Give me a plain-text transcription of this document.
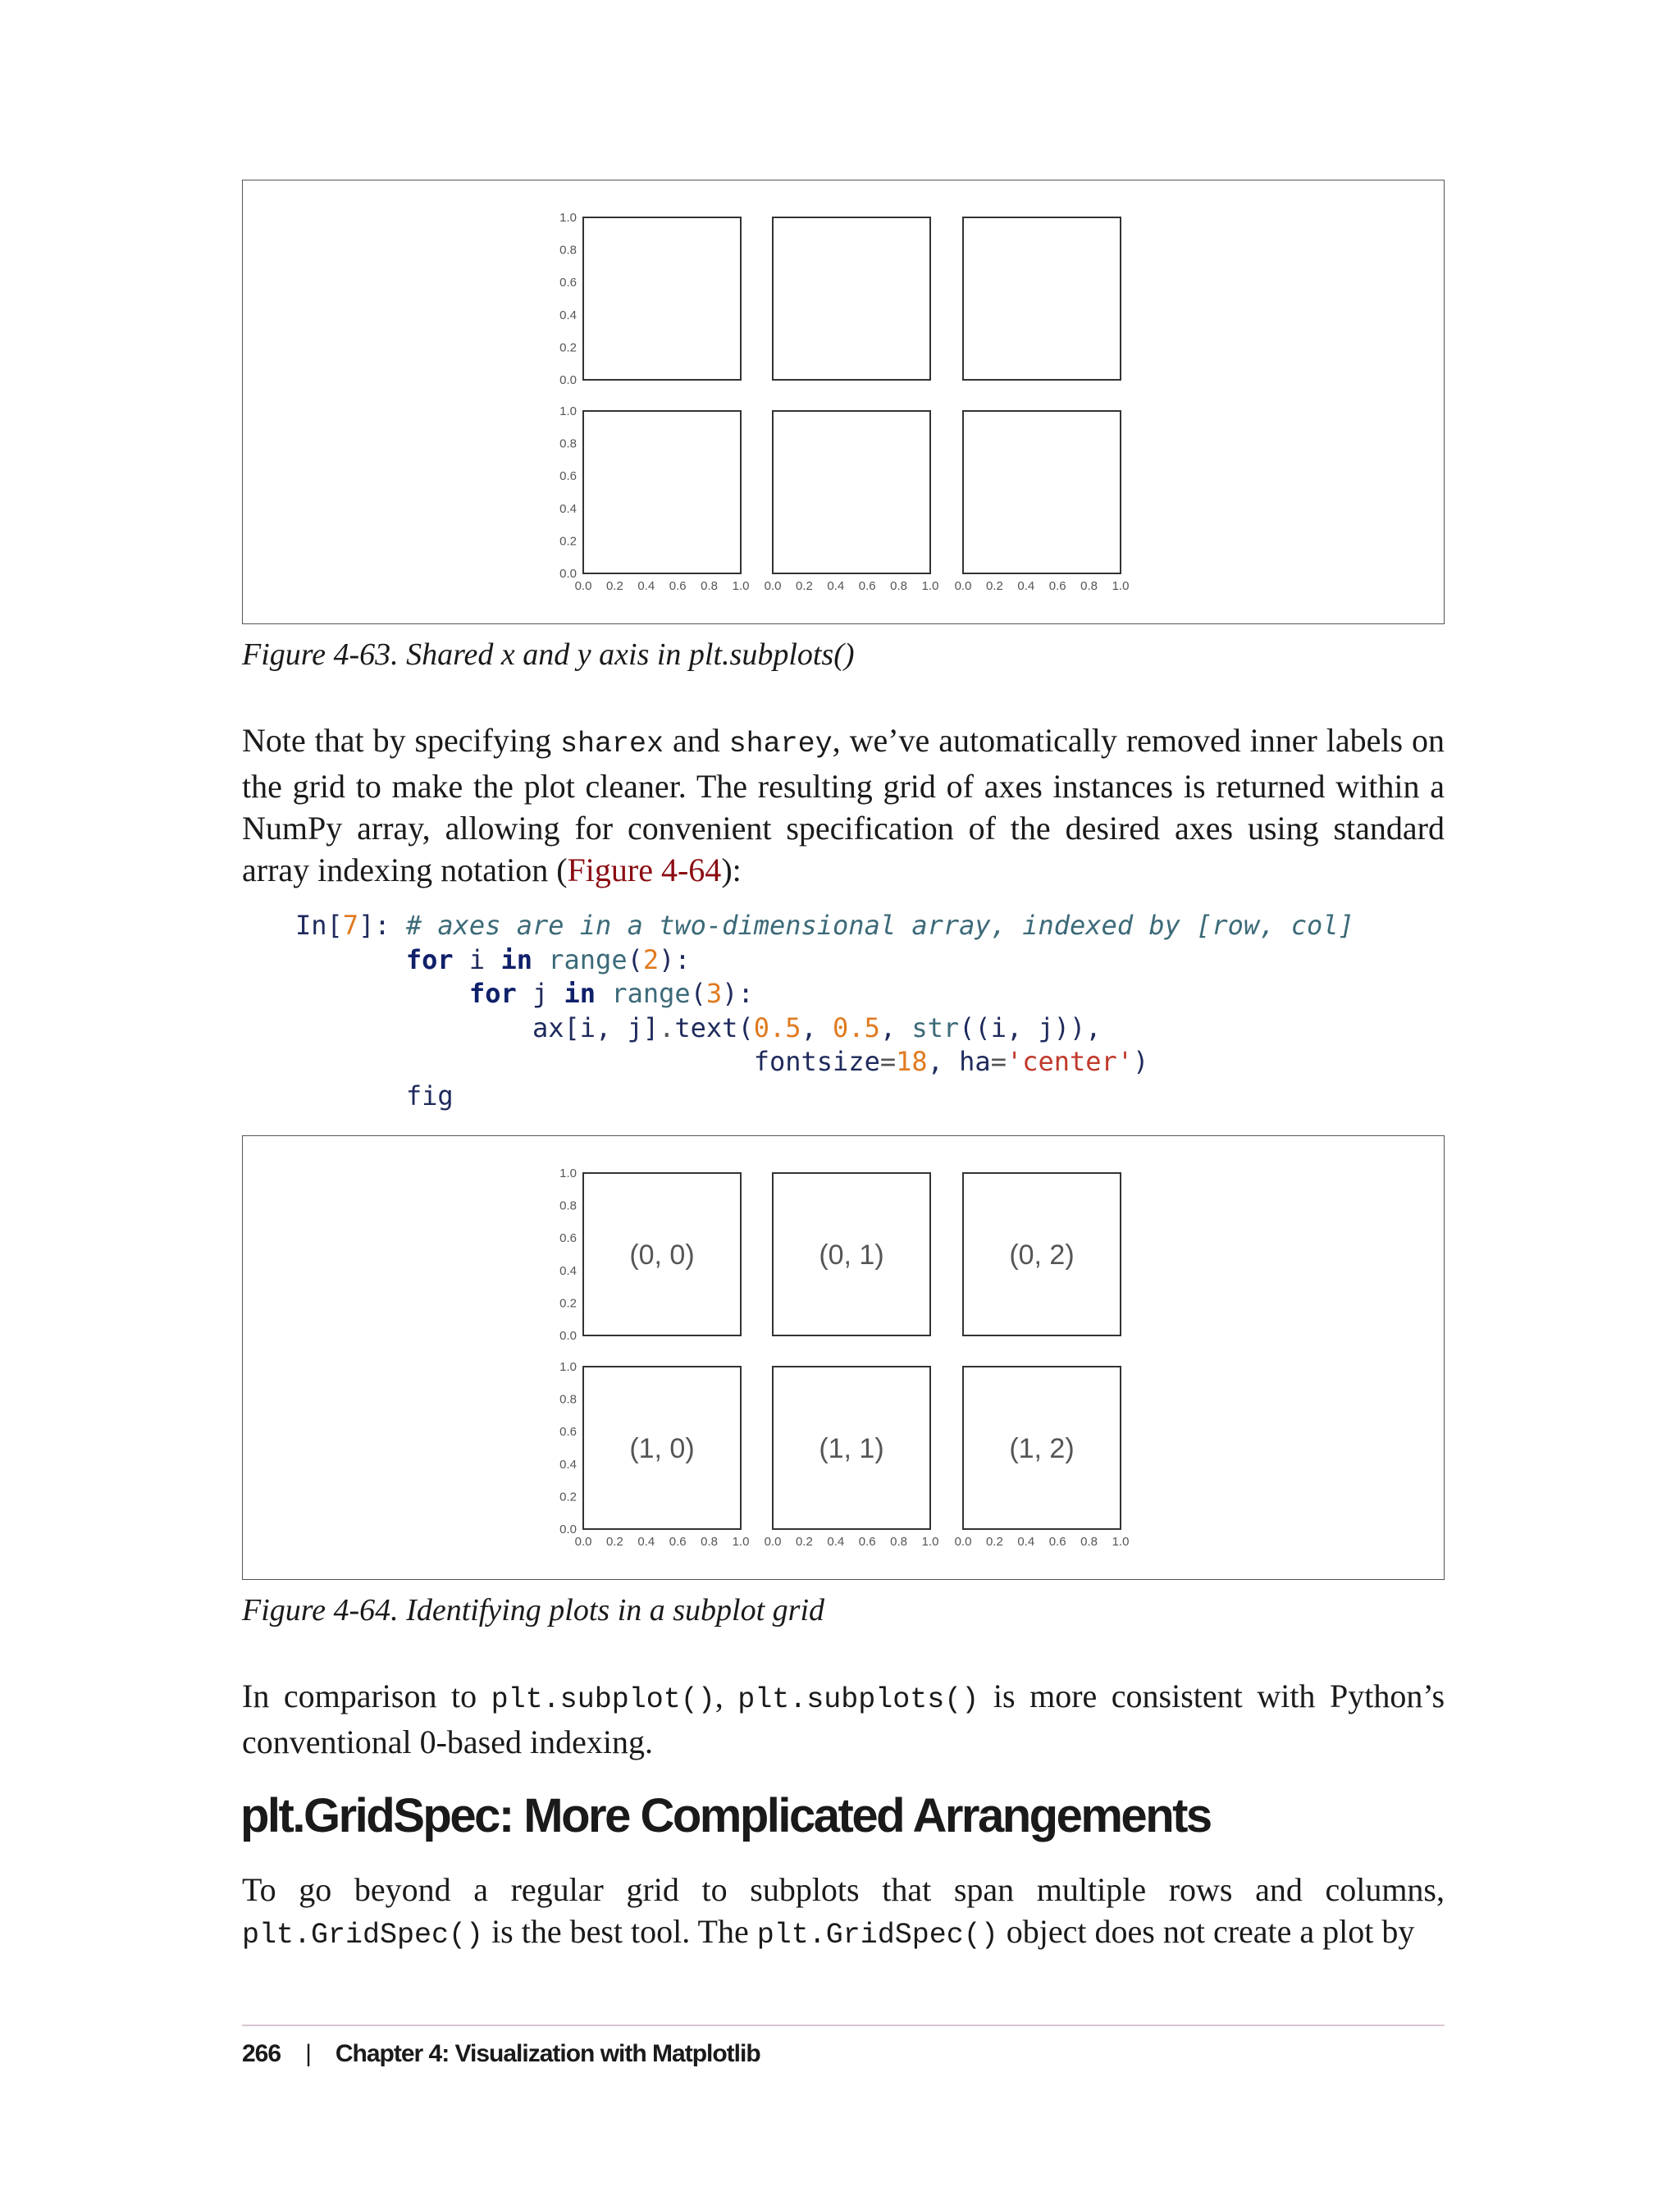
1.0
0.8
0.6
0.4
0.2
0.0
1.0
0.8
0.6
0.4
0.2
0.0
0.0 0.2 0.4 0.6 0.8 1.0 0.0 0.2 0.4 0.6 0.8 1.0 0.0 0.2 0.4 0.6 0.8 1.0
Figure 4-63. Shared x and y axis in plt.subplots()

Note that by specifying sharex and sharey, we’ve automatically removed inner labels on the grid to make the plot cleaner. The resulting grid of axes instances is returned within a NumPy array, allowing for convenient specification of the desired axes using standard array indexing notation (Figure 4-64):

In[7]: # axes are in a two-dimensional array, indexed by [row, col]
for i in range(2):
for j in range(3):
ax[i, j].text(0.5, 0.5, str((i, j)),
fontsize=18, ha='center')
fig
1.0
0.8
0.6
0.4
0.2
0.0
(0, 0)	(0, 1)	(0, 2)
1.0
0.8
0.6
0.4
0.2
0.0
(1, 0)	(1, 1)	(1, 2)
0.0 0.2 0.4 0.6 0.8 1.0 0.0 0.2 0.4 0.6 0.8 1.0 0.0 0.2 0.4 0.6 0.8 1.0
Figure 4-64. Identifying plots in a subplot grid

In comparison to plt.subplot(), plt.subplots() is more consistent with Python’s conventional 0-based indexing.

plt.GridSpec: More Complicated Arrangements

To go beyond a regular grid to subplots that span multiple rows and columns, plt.GridSpec() is the best tool. The plt.GridSpec() object does not create a plot by

266 | Chapter 4: Visualization with Matplotlib
